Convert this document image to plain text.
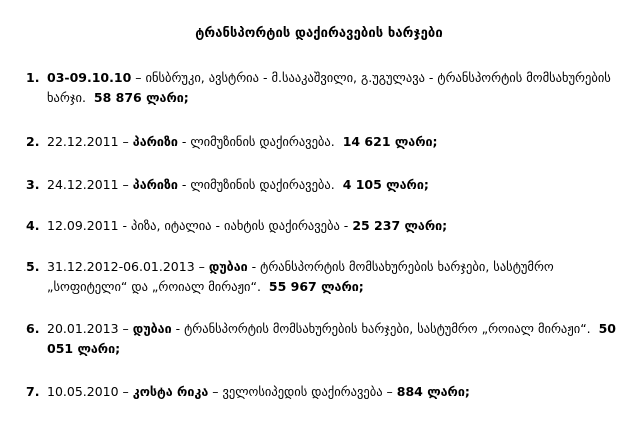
ტრანსპორტის დაქირავების ხარჯები
1. 03-09.10.10 – ინსბრუკი, ავსტრია - მ.სააკაშვილი, გ.უგულავა - ტრანსპორტის მომსახურების ხარჯი. 58 876 ლარი;
2. 22.12.2011 – პარიზი - ლიმუზინის დაქირავება. 14 621 ლარი;
3. 24.12.2011 – პარიზი - ლიმუზინის დაქირავება. 4 105 ლარი;
4. 12.09.2011 - პიზა, იტალია - იახტის დაქირავება - 25 237 ლარი;
5. 31.12.2012-06.01.2013 – დუბაი - ტრანსპორტის მომსახურების ხარჯები, სასტუმრო „სოფიტელი“ და „როიალ მირაჟი“. 55 967 ლარი;
6. 20.01.2013 – დუბაი - ტრანსპორტის მომსახურების ხარჯები, სასტუმრო „როიალ მირაჟი“. 50 051 ლარი;
7. 10.05.2010 – კოსტა რიკა – ველოსიპედის დაქირავება – 884 ლარი;
